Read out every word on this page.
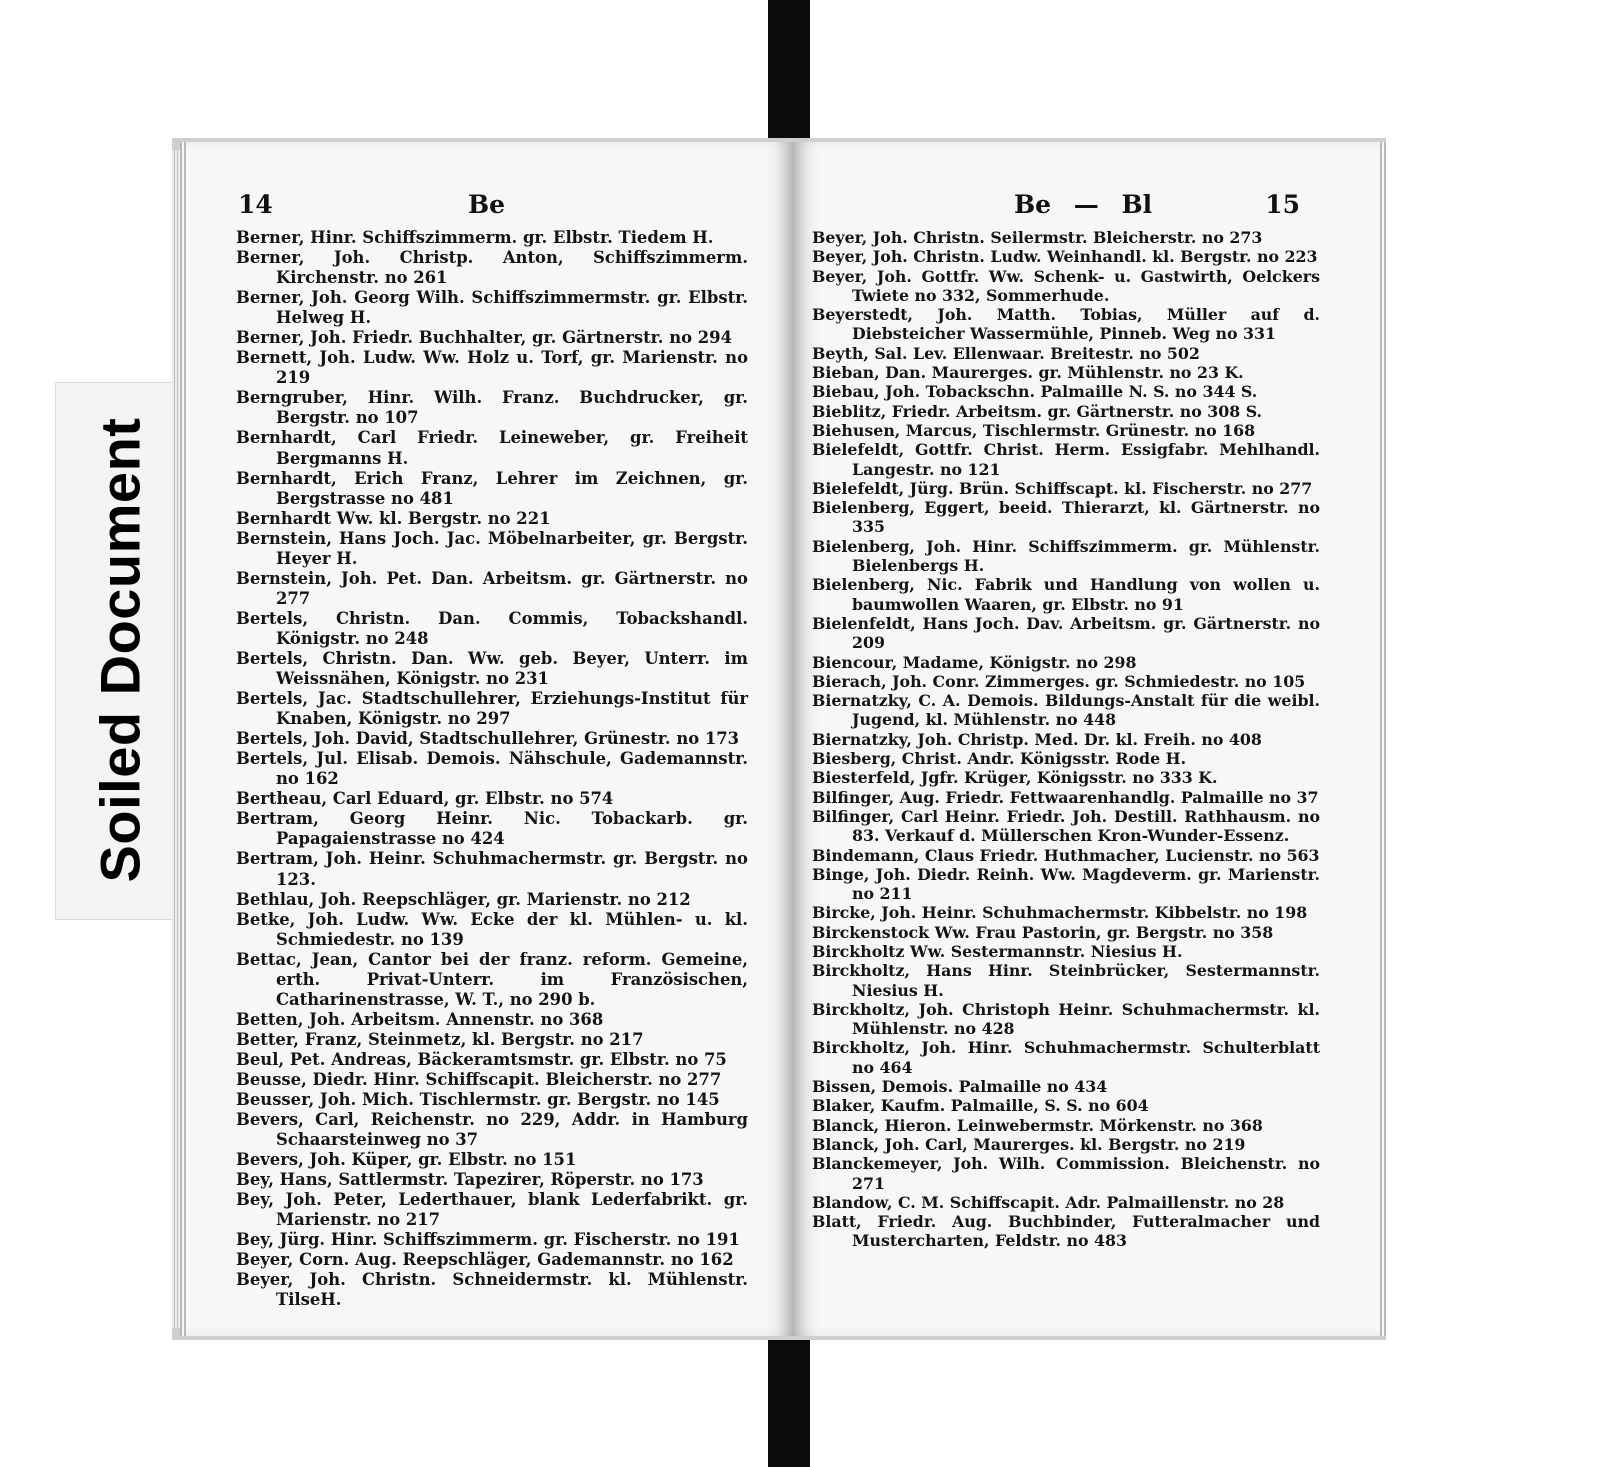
Soiled Document
14	Be

Berner, Hinr. Schiffszimmerm. gr. Elbstr. Tiedem H.

Berner, Joh. Christp. Anton, Schiffszimmerm. Kirchenstr. no 261

Berner, Joh. Georg Wilh. Schiffszimmermstr. gr. Elbstr. Helweg H.

Berner, Joh. Friedr. Buchhalter, gr. Gärtnerstr. no 294

Bernett, Joh. Ludw. Ww. Holz u. Torf, gr. Marienstr. no 219

Berngruber, Hinr. Wilh. Franz. Buchdrucker, gr. Bergstr. no 107

Bernhardt, Carl Friedr. Leineweber, gr. Freiheit Bergmanns H.

Bernhardt, Erich Franz, Lehrer im Zeichnen, gr. Bergstrasse no 481

Bernhardt Ww. kl. Bergstr. no 221

Bernstein, Hans Joch. Jac. Möbelnarbeiter, gr. Bergstr. Heyer H.

Bernstein, Joh. Pet. Dan. Arbeitsm. gr. Gärtnerstr. no 277

Bertels, Christn. Dan. Commis, Tobackshandl. Königstr. no 248

Bertels, Christn. Dan. Ww. geb. Beyer, Unterr. im Weissnähen, Königstr. no 231

Bertels, Jac. Stadtschullehrer, Erziehungs-Institut für Knaben, Königstr. no 297

Bertels, Joh. David, Stadtschullehrer, Grünestr. no 173

Bertels, Jul. Elisab. Demois. Nähschule, Gademannstr. no 162

Bertheau, Carl Eduard, gr. Elbstr. no 574

Bertram, Georg Heinr. Nic. Tobackarb. gr. Papagaienstrasse no 424

Bertram, Joh. Heinr. Schuhmachermstr. gr. Bergstr. no 123.

Bethlau, Joh. Reepschläger, gr. Marienstr. no 212

Betke, Joh. Ludw. Ww. Ecke der kl. Mühlen- u. kl. Schmiedestr. no 139

Bettac, Jean, Cantor bei der franz. reform. Gemeine, erth. Privat-Unterr. im Französischen, Catharinenstrasse, W. T., no 290 b.

Betten, Joh. Arbeitsm. Annenstr. no 368

Better, Franz, Steinmetz, kl. Bergstr. no 217

Beul, Pet. Andreas, Bäckeramtsmstr. gr. Elbstr. no 75

Beusse, Diedr. Hinr. Schiffscapit. Bleicherstr. no 277

Beusser, Joh. Mich. Tischlermstr. gr. Bergstr. no 145

Bevers, Carl, Reichenstr. no 229, Addr. in Hamburg Schaarsteinweg no 37

Bevers, Joh. Küper, gr. Elbstr. no 151

Bey, Hans, Sattlermstr. Tapezirer, Röperstr. no 173

Bey, Joh. Peter, Lederthauer, blank Lederfabrikt. gr. Marienstr. no 217

Bey, Jürg. Hinr. Schiffszimmerm. gr. Fischerstr. no 191

Beyer, Corn. Aug. Reepschläger, Gademannstr. no 162

Beyer, Joh. Christn. Schneidermstr. kl. Mühlenstr. TilseH.

Be — Bl	15

Beyer, Joh. Christn. Seilermstr. Bleicherstr. no 273

Beyer, Joh. Christn. Ludw. Weinhandl. kl. Bergstr. no 223

Beyer, Joh. Gottfr. Ww. Schenk- u. Gastwirth, Oelckers Twiete no 332, Sommerhude.

Beyerstedt, Joh. Matth. Tobias, Müller auf d. Diebsteicher Wassermühle, Pinneb. Weg no 331

Beyth, Sal. Lev. Ellenwaar. Breitestr. no 502

Bieban, Dan. Maurerges. gr. Mühlenstr. no 23 K.

Biebau, Joh. Tobackschn. Palmaille N. S. no 344 S.

Bieblitz, Friedr. Arbeitsm. gr. Gärtnerstr. no 308 S.

Biehusen, Marcus, Tischlermstr. Grünestr. no 168

Bielefeldt, Gottfr. Christ. Herm. Essigfabr. Mehlhandl. Langestr. no 121

Bielefeldt, Jürg. Brün. Schiffscapt. kl. Fischerstr. no 277

Bielenberg, Eggert, beeid. Thierarzt, kl. Gärtnerstr. no 335

Bielenberg, Joh. Hinr. Schiffszimmerm. gr. Mühlenstr. Bielenbergs H.

Bielenberg, Nic. Fabrik und Handlung von wollen u. baumwollen Waaren, gr. Elbstr. no 91

Bielenfeldt, Hans Joch. Dav. Arbeitsm. gr. Gärtnerstr. no 209

Biencour, Madame, Königstr. no 298

Bierach, Joh. Conr. Zimmerges. gr. Schmiedestr. no 105

Biernatzky, C. A. Demois. Bildungs-Anstalt für die weibl. Jugend, kl. Mühlenstr. no 448

Biernatzky, Joh. Christp. Med. Dr. kl. Freih. no 408

Biesberg, Christ. Andr. Königsstr. Rode H.

Biesterfeld, Jgfr. Krüger, Königsstr. no 333 K.

Bilfinger, Aug. Friedr. Fettwaarenhandlg. Palmaille no 37

Bilfinger, Carl Heinr. Friedr. Joh. Destill. Rathhausm. no 83. Verkauf d. Müllerschen Kron-Wunder-Essenz.

Bindemann, Claus Friedr. Huthmacher, Lucienstr. no 563

Binge, Joh. Diedr. Reinh. Ww. Magdeverm. gr. Marienstr. no 211

Bircke, Joh. Heinr. Schuhmachermstr. Kibbelstr. no 198

Birckenstock Ww. Frau Pastorin, gr. Bergstr. no 358

Birckholtz Ww. Sestermannstr. Niesius H.

Birckholtz, Hans Hinr. Steinbrücker, Sestermannstr. Niesius H.

Birckholtz, Joh. Christoph Heinr. Schuhmachermstr. kl. Mühlenstr. no 428

Birckholtz, Joh. Hinr. Schuhmachermstr. Schulterblatt no 464

Bissen, Demois. Palmaille no 434

Blaker, Kaufm. Palmaille, S. S. no 604

Blanck, Hieron. Leinwebermstr. Mörkenstr. no 368

Blanck, Joh. Carl, Maurerges. kl. Bergstr. no 219

Blanckemeyer, Joh. Wilh. Commission. Bleichenstr. no 271

Blandow, C. M. Schiffscapit. Adr. Palmaillenstr. no 28

Blatt, Friedr. Aug. Buchbinder, Futteralmacher und Mustercharten, Feldstr. no 483
